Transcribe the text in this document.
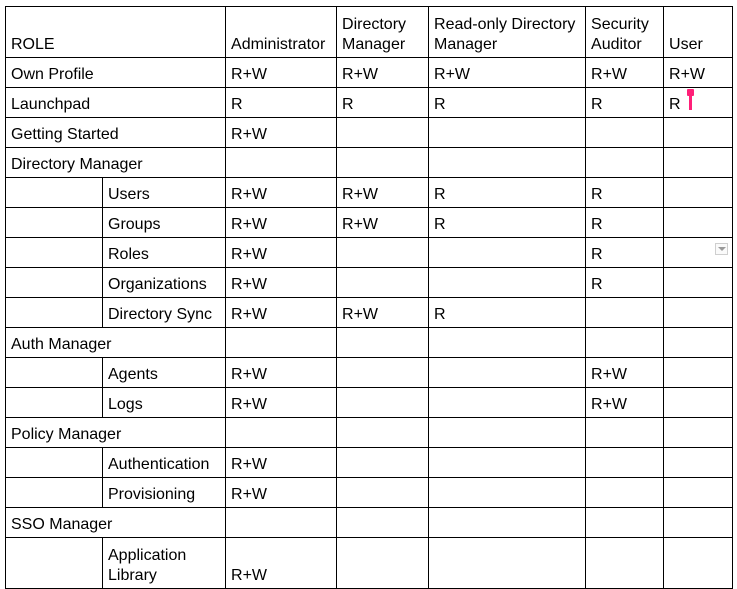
ROLE		Administrator	Directory Manager	Read-only Directory Manager	Security Auditor	User
Own Profile		R+W	R+W	R+W	R+W	R+W
Launchpad		R	R	R	R	R

Getting Started		R+W				
Directory Manager						
	Users	R+W	R+W	R	R	
	Groups	R+W	R+W	R	R	
	Roles	R+W			R	

	Organizations	R+W			R	
	Directory Sync	R+W	R+W	R		
Auth Manager						
	Agents	R+W			R+W	
	Logs	R+W			R+W	
Policy Manager						
	Authentication	R+W				
	Provisioning	R+W				
SSO Manager						
	Application Library	R+W				
